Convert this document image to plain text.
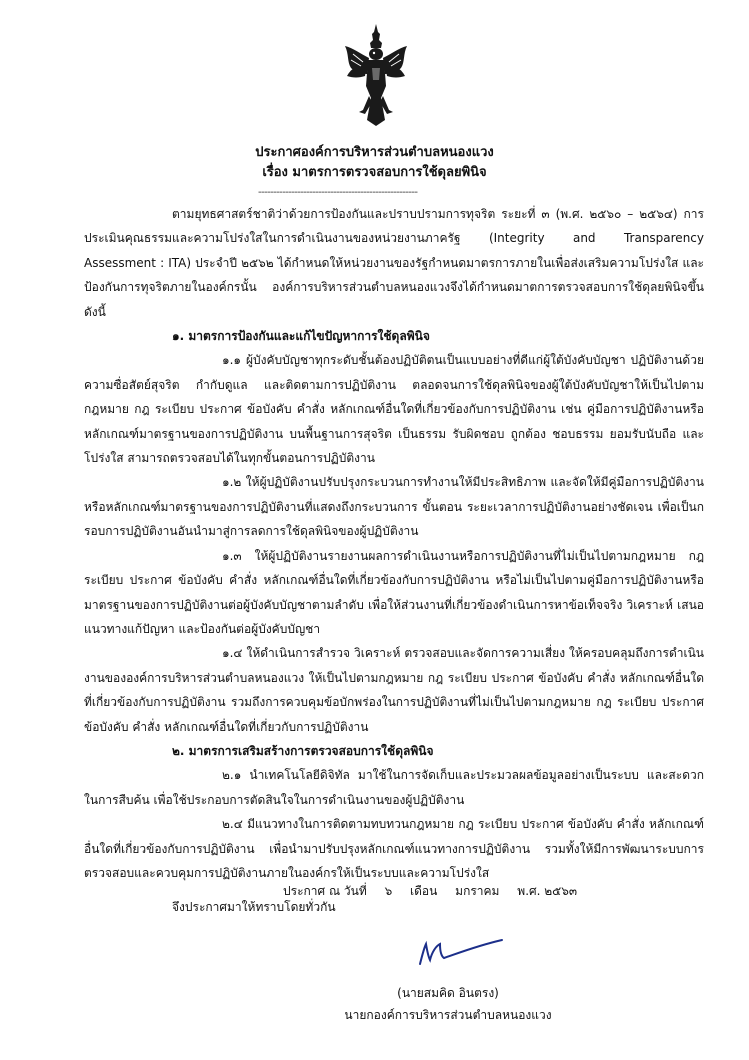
ประกาศองค์การบริหารส่วนตำบลหนองแวง
เรื่อง มาตรการตรวจสอบการใช้ดุลยพินิจ
-----------------------------------------------------

ตามยุทธศาสตร์ชาติว่าด้วยการป้องกันและปราบปรามการทุจริต ระยะที่ ๓ (พ.ศ. ๒๕๖๐ – ๒๕๖๔) การประเมินคุณธรรมและความโปร่งใสในการดำเนินงานของหน่วยงานภาครัฐ (Integrity and Transparency Assessment : ITA) ประจำปี ๒๕๖๒ ได้กำหนดให้หน่วยงานของรัฐกำหนดมาตรการภายในเพื่อส่งเสริมความโปร่งใส และป้องกันการทุจริตภายในองค์กรนั้น องค์การบริหารส่วนตำบลหนองแวงจึงได้กำหนดมาตการตรวจสอบการใช้ดุลยพินิจขึ้น ดังนี้

๑. มาตรการป้องกันและแก้ไขปัญหาการใช้ดุลพินิจ

๑.๑ ผู้บังคับบัญชาทุกระดับชั้นต้องปฏิบัติตนเป็นแบบอย่างที่ดีแก่ผู้ใต้บังคับบัญชา ปฏิบัติงานด้วยความซื่อสัตย์สุจริต กำกับดูแล และติดตามการปฏิบัติงาน ตลอดจนการใช้ดุลพินิจของผู้ใต้บังคับบัญชาให้เป็นไปตามกฎหมาย กฎ ระเบียบ ประกาศ ข้อบังคับ คำสั่ง หลักเกณฑ์อื่นใดที่เกี่ยวข้องกับการปฏิบัติงาน เช่น คู่มือการปฏิบัติงานหรือหลักเกณฑ์มาตรฐานของการปฏิบัติงาน บนพื้นฐานการสุจริต เป็นธรรม รับผิดชอบ ถูกต้อง ชอบธรรม ยอมรับนับถือ และโปร่งใส สามารถตรวจสอบได้ในทุกขั้นตอนการปฏิบัติงาน

๑.๒ ให้ผู้ปฏิบัติงานปรับปรุงกระบวนการทำงานให้มีประสิทธิภาพ และจัดให้มีคู่มือการปฏิบัติงานหรือหลักเกณฑ์มาตรฐานของการปฏิบัติงานที่แสดงถึงกระบวนการ ขั้นตอน ระยะเวลาการปฏิบัติงานอย่างชัดเจน เพื่อเป็นกรอบการปฏิบัติงานอันนำมาสู่การลดการใช้ดุลพินิจของผู้ปฏิบัติงาน

๑.๓ ให้ผู้ปฏิบัติงานรายงานผลการดำเนินงานหรือการปฏิบัติงานที่ไม่เป็นไปตามกฎหมาย กฎ ระเบียบ ประกาศ ข้อบังคับ คำสั่ง หลักเกณฑ์อื่นใดที่เกี่ยวข้องกับการปฏิบัติงาน หรือไม่เป็นไปตามคู่มือการปฏิบัติงานหรือมาตรฐานของการปฏิบัติงานต่อผู้บังคับบัญชาตามลำดับ เพื่อให้ส่วนงานที่เกี่ยวข้องดำเนินการหาข้อเท็จจริง วิเคราะห์ เสนอแนวทางแก้ปัญหา และป้องกันต่อผู้บังคับบัญชา

๑.๔ ให้ดำเนินการสำรวจ วิเคราะห์ ตรวจสอบและจัดการความเสี่ยง ให้ครอบคลุมถึงการดำเนินงานขององค์การบริหารส่วนตำบลหนองแวง ให้เป็นไปตามกฎหมาย กฎ ระเบียบ ประกาศ ข้อบังคับ คำสั่ง หลักเกณฑ์อื่นใดที่เกี่ยวข้องกับการปฏิบัติงาน รวมถึงการควบคุมข้อบักพร่องในการปฏิบัติงานที่ไม่เป็นไปตามกฎหมาย กฎ ระเบียบ ประกาศ ข้อบังคับ คำสั่ง หลักเกณฑ์อื่นใดที่เกี่ยวกับการปฏิบัติงาน

๒. มาตรการเสริมสร้างการตรวจสอบการใช้ดุลพินิจ

๒.๑ นำเทคโนโลยีดิจิทัล มาใช้ในการจัดเก็บและประมวลผลข้อมูลอย่างเป็นระบบ และสะดวกในการสืบค้น เพื่อใช้ประกอบการตัดสินใจในการดำเนินงานของผู้ปฏิบัติงาน

๒.๔ มีแนวทางในการติดตามทบทวนกฎหมาย กฎ ระเบียบ ประกาศ ข้อบังคับ คำสั่ง หลักเกณฑ์อื่นใดที่เกี่ยวข้องกับการปฏิบัติงาน เพื่อนำมาปรับปรุงหลักเกณฑ์แนวทางการปฏิบัติงาน รวมทั้งให้มีการพัฒนาระบบการตรวจสอบและควบคุมการปฏิบัติงานภายในองค์กรให้เป็นระบบและความโปร่งใส

จึงประกาศมาให้ทราบโดยทั่วกัน

ประกาศ ณ วันที่ ๖ เดือน มกราคม พ.ศ. ๒๕๖๓
(นายสมคิด อินตรง)
นายกองค์การบริหารส่วนตำบลหนองแวง
